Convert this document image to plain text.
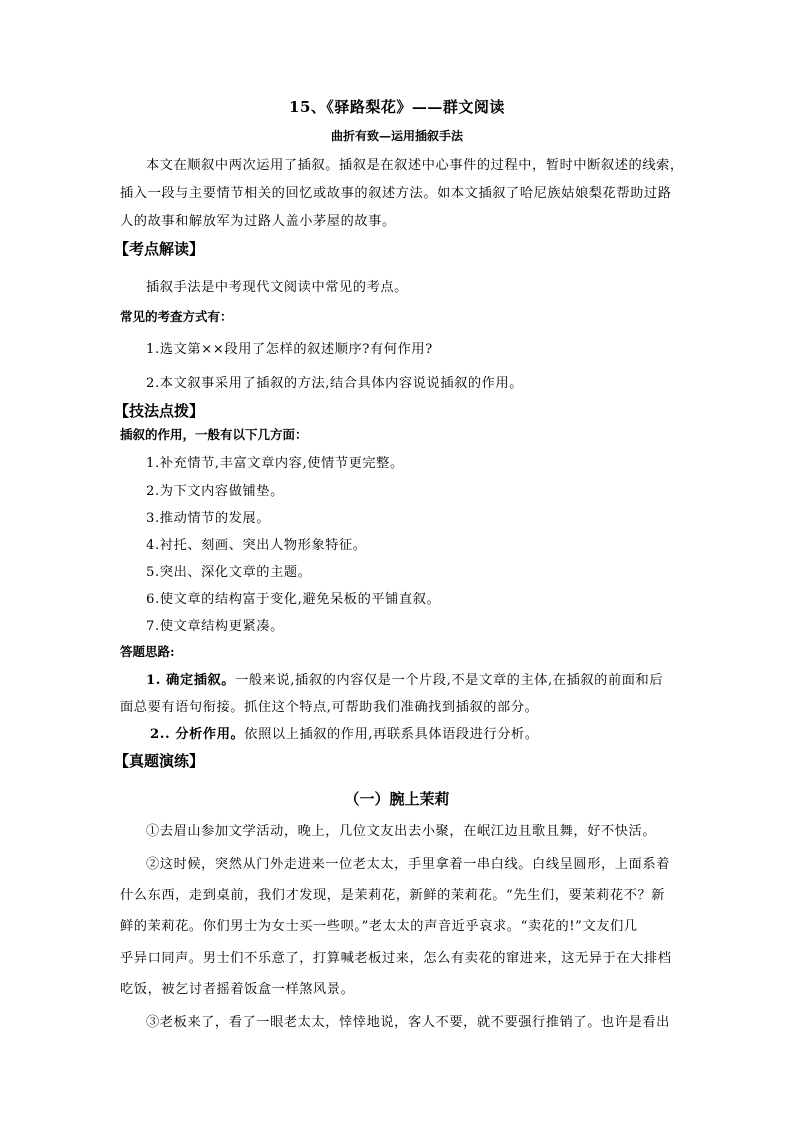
15、《驿路梨花》——群文阅读
曲折有致—运用插叙手法
本文在顺叙中两次运用了插叙。插叙是在叙述中心事件的过程中，暂时中断叙述的线索，
插入一段与主要情节相关的回忆或故事的叙述方法。如本文插叙了哈尼族姑娘梨花帮助过路
人的故事和解放军为过路人盖小茅屋的故事。
【考点解读】
插叙手法是中考现代文阅读中常见的考点。
常见的考查方式有：
1.选文第××段用了怎样的叙述顺序?有何作用?
2.本文叙事采用了插叙的方法,结合具体内容说说插叙的作用。
【技法点拨】
插叙的作用，一般有以下几方面：
1.补充情节,丰富文章内容,使情节更完整。
2.为下文内容做铺垫。
3.推动情节的发展。
4.衬托、刻画、突出人物形象特征。
5.突出、深化文章的主题。
6.使文章的结构富于变化,避免呆板的平铺直叙。
7.使文章结构更紧凑。
答题思路:
1. 确定插叙。一般来说,插叙的内容仅是一个片段,不是文章的主体,在插叙的前面和后
面总要有语句衔接。抓住这个特点,可帮助我们准确找到插叙的部分。
2.. 分析作用。依照以上插叙的作用,再联系具体语段进行分析。
【真题演练】
（一）腕上茉莉
①去眉山参加文学活动，晚上，几位文友出去小聚，在岷江边且歌且舞，好不快活。
②这时候，突然从门外走进来一位老太太，手里拿着一串白线。白线呈圆形，上面系着
什么东西，走到桌前，我们才发现，是茉莉花，新鲜的茉莉花。“先生们，要茉莉花不？新
鲜的茉莉花。你们男士为女士买一些呗。”老太太的声音近乎哀求。“卖花的!”文友们几
乎异口同声。男士们不乐意了，打算喊老板过来，怎么有卖花的窜进来，这无异于在大排档
吃饭，被乞讨者摇着饭盒一样煞风景。
③老板来了，看了一眼老太太，悻悻地说，客人不要，就不要强行推销了。也许是看出
